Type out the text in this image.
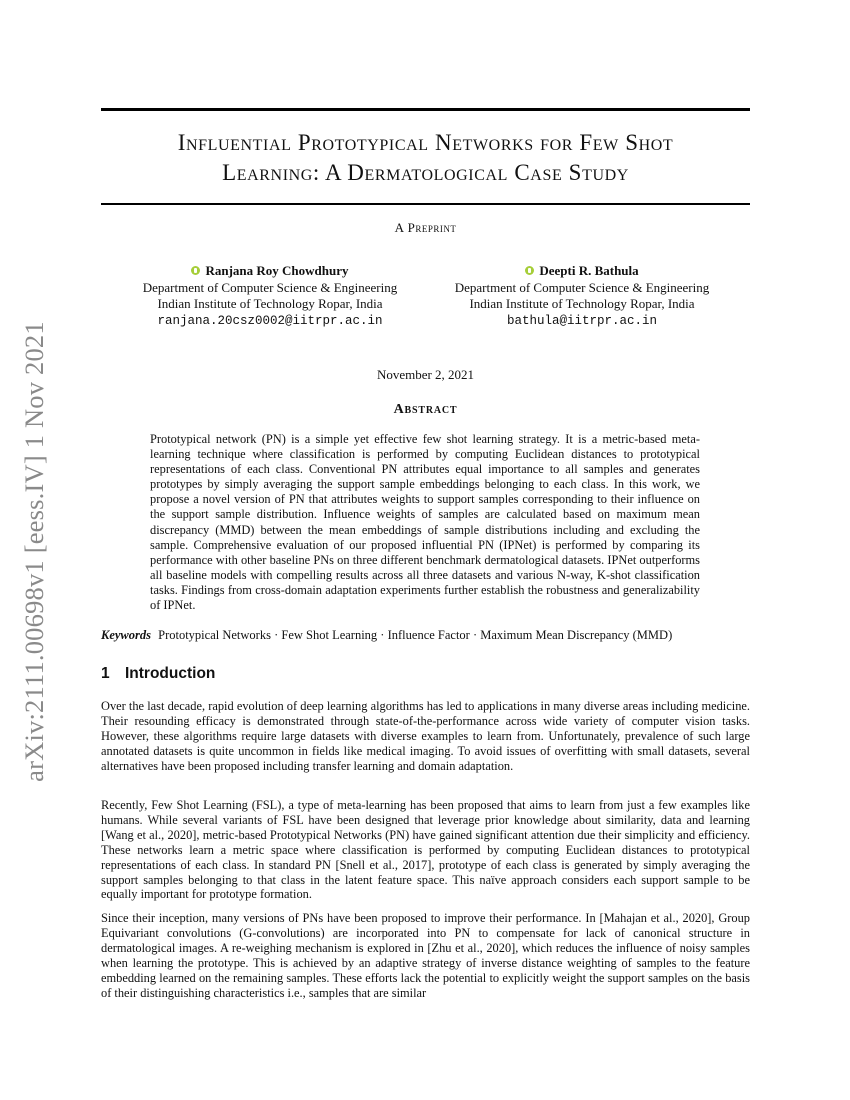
arXiv:2111.00698v1 [eess.IV] 1 Nov 2021
Influential Prototypical Networks for Few Shot
Learning: A Dermatological Case Study
A Preprint
Ranjana Roy Chowdhury
Department of Computer Science & Engineering
Indian Institute of Technology Ropar, India
ranjana.20csz0002@iitrpr.ac.in
Deepti R. Bathula
Department of Computer Science & Engineering
Indian Institute of Technology Ropar, India
bathula@iitrpr.ac.in
November 2, 2021
Abstract

Prototypical network (PN) is a simple yet effective few shot learning strategy. It is a metric-based meta-learning technique where classification is performed by computing Euclidean distances to prototypical representations of each class. Conventional PN attributes equal importance to all samples and generates prototypes by simply averaging the support sample embeddings belonging to each class. In this work, we propose a novel version of PN that attributes weights to support samples corresponding to their influence on the support sample distribution. Influence weights of samples are calculated based on maximum mean discrepancy (MMD) between the mean embeddings of sample distributions including and excluding the sample. Comprehensive evaluation of our proposed influential PN (IPNet) is performed by comparing its performance with other baseline PNs on three different benchmark dermatological datasets. IPNet outperforms all baseline models with compelling results across all three datasets and various N-way, K-shot classification tasks. Findings from cross-domain adaptation experiments further establish the robustness and generalizability of IPNet.

Keywords Prototypical Networks · Few Shot Learning · Influence Factor · Maximum Mean Discrepancy (MMD)
1 Introduction

Over the last decade, rapid evolution of deep learning algorithms has led to applications in many diverse areas including medicine. Their resounding efficacy is demonstrated through state-of-the-performance across wide variety of computer vision tasks. However, these algorithms require large datasets with diverse examples to learn from. Unfortunately, prevalence of such large annotated datasets is quite uncommon in fields like medical imaging. To avoid issues of overfitting with small datasets, several alternatives have been proposed including transfer learning and domain adaptation.

Recently, Few Shot Learning (FSL), a type of meta-learning has been proposed that aims to learn from just a few examples like humans. While several variants of FSL have been designed that leverage prior knowledge about similarity, data and learning [Wang et al., 2020], metric-based Prototypical Networks (PN) have gained significant attention due their simplicity and efficiency. These networks learn a metric space where classification is performed by computing Euclidean distances to prototypical representations of each class. In standard PN [Snell et al., 2017], prototype of each class is generated by simply averaging the support samples belonging to that class in the latent feature space. This naïve approach considers each support sample to be equally important for prototype formation.

Since their inception, many versions of PNs have been proposed to improve their performance. In [Mahajan et al., 2020], Group Equivariant convolutions (G-convolutions) are incorporated into PN to compensate for lack of canonical structure in dermatological images. A re-weighing mechanism is explored in [Zhu et al., 2020], which reduces the influence of noisy samples when learning the prototype. This is achieved by an adaptive strategy of inverse distance weighting of samples to the feature embedding learned on the remaining samples. These efforts lack the potential to explicitly weight the support samples on the basis of their distinguishing characteristics i.e., samples that are similar
